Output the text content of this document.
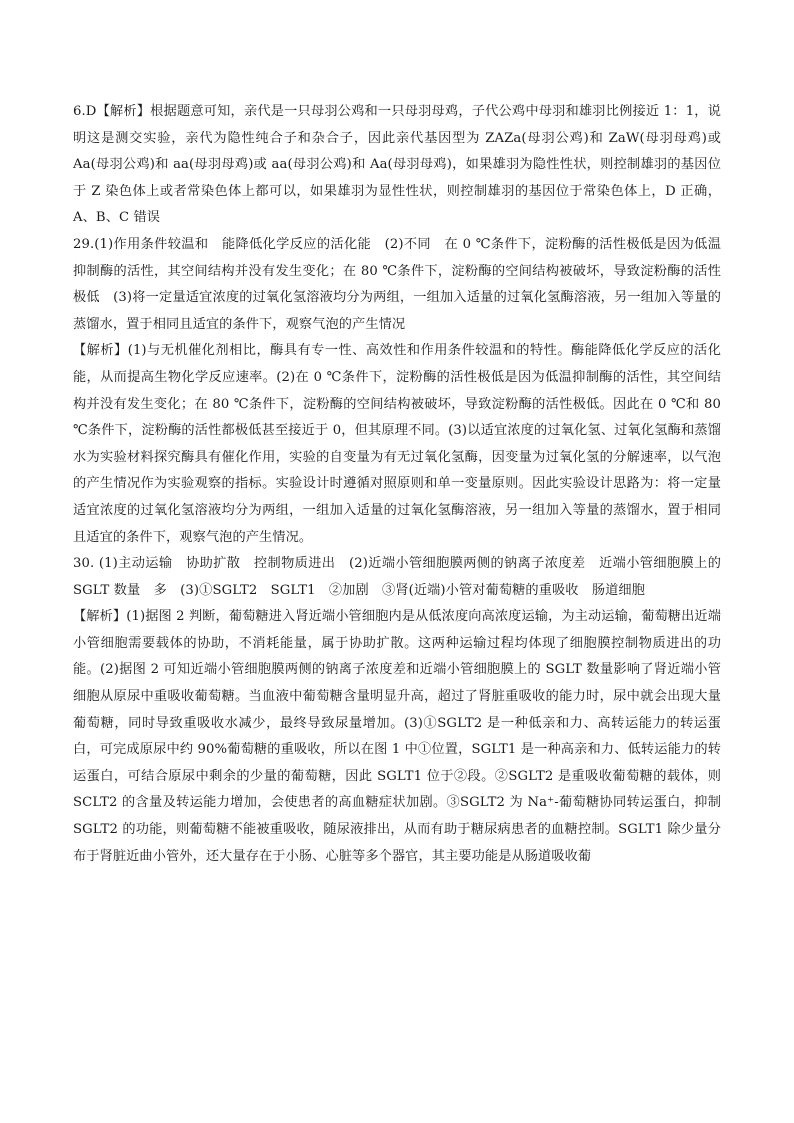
6.D【解析】根据题意可知，亲代是一只母羽公鸡和一只母羽母鸡，子代公鸡中母羽和雄羽比例接近 1：1，说明这是测交实验，亲代为隐性纯合子和杂合子，因此亲代基因型为 ZAZa(母羽公鸡)和 ZaW(母羽母鸡)或 Aa(母羽公鸡)和 aa(母羽母鸡)或 aa(母羽公鸡)和 Aa(母羽母鸡)，如果雄羽为隐性性状，则控制雄羽的基因位于 Z 染色体上或者常染色体上都可以，如果雄羽为显性性状，则控制雄羽的基因位于常染色体上，D 正确，A、B、C 错误

29.(1)作用条件较温和　能降低化学反应的活化能　(2)不同　在 0 ℃条件下，淀粉酶的活性极低是因为低温抑制酶的活性，其空间结构并没有发生变化；在 80 ℃条件下，淀粉酶的空间结构被破坏，导致淀粉酶的活性极低　(3)将一定量适宜浓度的过氧化氢溶液均分为两组，一组加入适量的过氧化氢酶溶液，另一组加入等量的蒸馏水，置于相同且适宜的条件下，观察气泡的产生情况

【解析】(1)与无机催化剂相比，酶具有专一性、高效性和作用条件较温和的特性。酶能降低化学反应的活化能，从而提高生物化学反应速率。(2)在 0 ℃条件下，淀粉酶的活性极低是因为低温抑制酶的活性，其空间结构并没有发生变化；在 80 ℃条件下，淀粉酶的空间结构被破坏，导致淀粉酶的活性极低。因此在 0 ℃和 80 ℃条件下，淀粉酶的活性都极低甚至接近于 0，但其原理不同。(3)以适宜浓度的过氧化氢、过氧化氢酶和蒸馏水为实验材料探究酶具有催化作用，实验的自变量为有无过氧化氢酶，因变量为过氧化氢的分解速率，以气泡的产生情况作为实验观察的指标。实验设计时遵循对照原则和单一变量原则。因此实验设计思路为：将一定量适宜浓度的过氧化氢溶液均分为两组，一组加入适量的过氧化氢酶溶液，另一组加入等量的蒸馏水，置于相同且适宜的条件下，观察气泡的产生情况。

30. (1)主动运输　协助扩散　控制物质进出　(2)近端小管细胞膜两侧的钠离子浓度差　近端小管细胞膜上的 SGLT 数量　多　(3)①SGLT2　SGLT1　②加剧　③肾(近端)小管对葡萄糖的重吸收　肠道细胞

【解析】(1)据图 2 判断，葡萄糖进入肾近端小管细胞内是从低浓度向高浓度运输，为主动运输，葡萄糖出近端小管细胞需要载体的协助，不消耗能量，属于协助扩散。这两种运输过程均体现了细胞膜控制物质进出的功能。(2)据图 2 可知近端小管细胞膜两侧的钠离子浓度差和近端小管细胞膜上的 SGLT 数量影响了肾近端小管细胞从原尿中重吸收葡萄糖。当血液中葡萄糖含量明显升高，超过了肾脏重吸收的能力时，尿中就会出现大量葡萄糖，同时导致重吸收水减少，最终导致尿量增加。(3)①SGLT2 是一种低亲和力、高转运能力的转运蛋白，可完成原尿中约 90%葡萄糖的重吸收，所以在图 1 中①位置，SGLT1 是一种高亲和力、低转运能力的转运蛋白，可结合原尿中剩余的少量的葡萄糖，因此 SGLT1 位于②段。②SGLT2 是重吸收葡萄糖的载体，则 SCLT2 的含量及转运能力增加，会使患者的高血糖症状加剧。③SGLT2 为 Na⁺-葡萄糖协同转运蛋白，抑制 SGLT2 的功能，则葡萄糖不能被重吸收，随尿液排出，从而有助于糖尿病患者的血糖控制。SGLT1 除少量分布于肾脏近曲小管外，还大量存在于小肠、心脏等多个器官，其主要功能是从肠道吸收葡
